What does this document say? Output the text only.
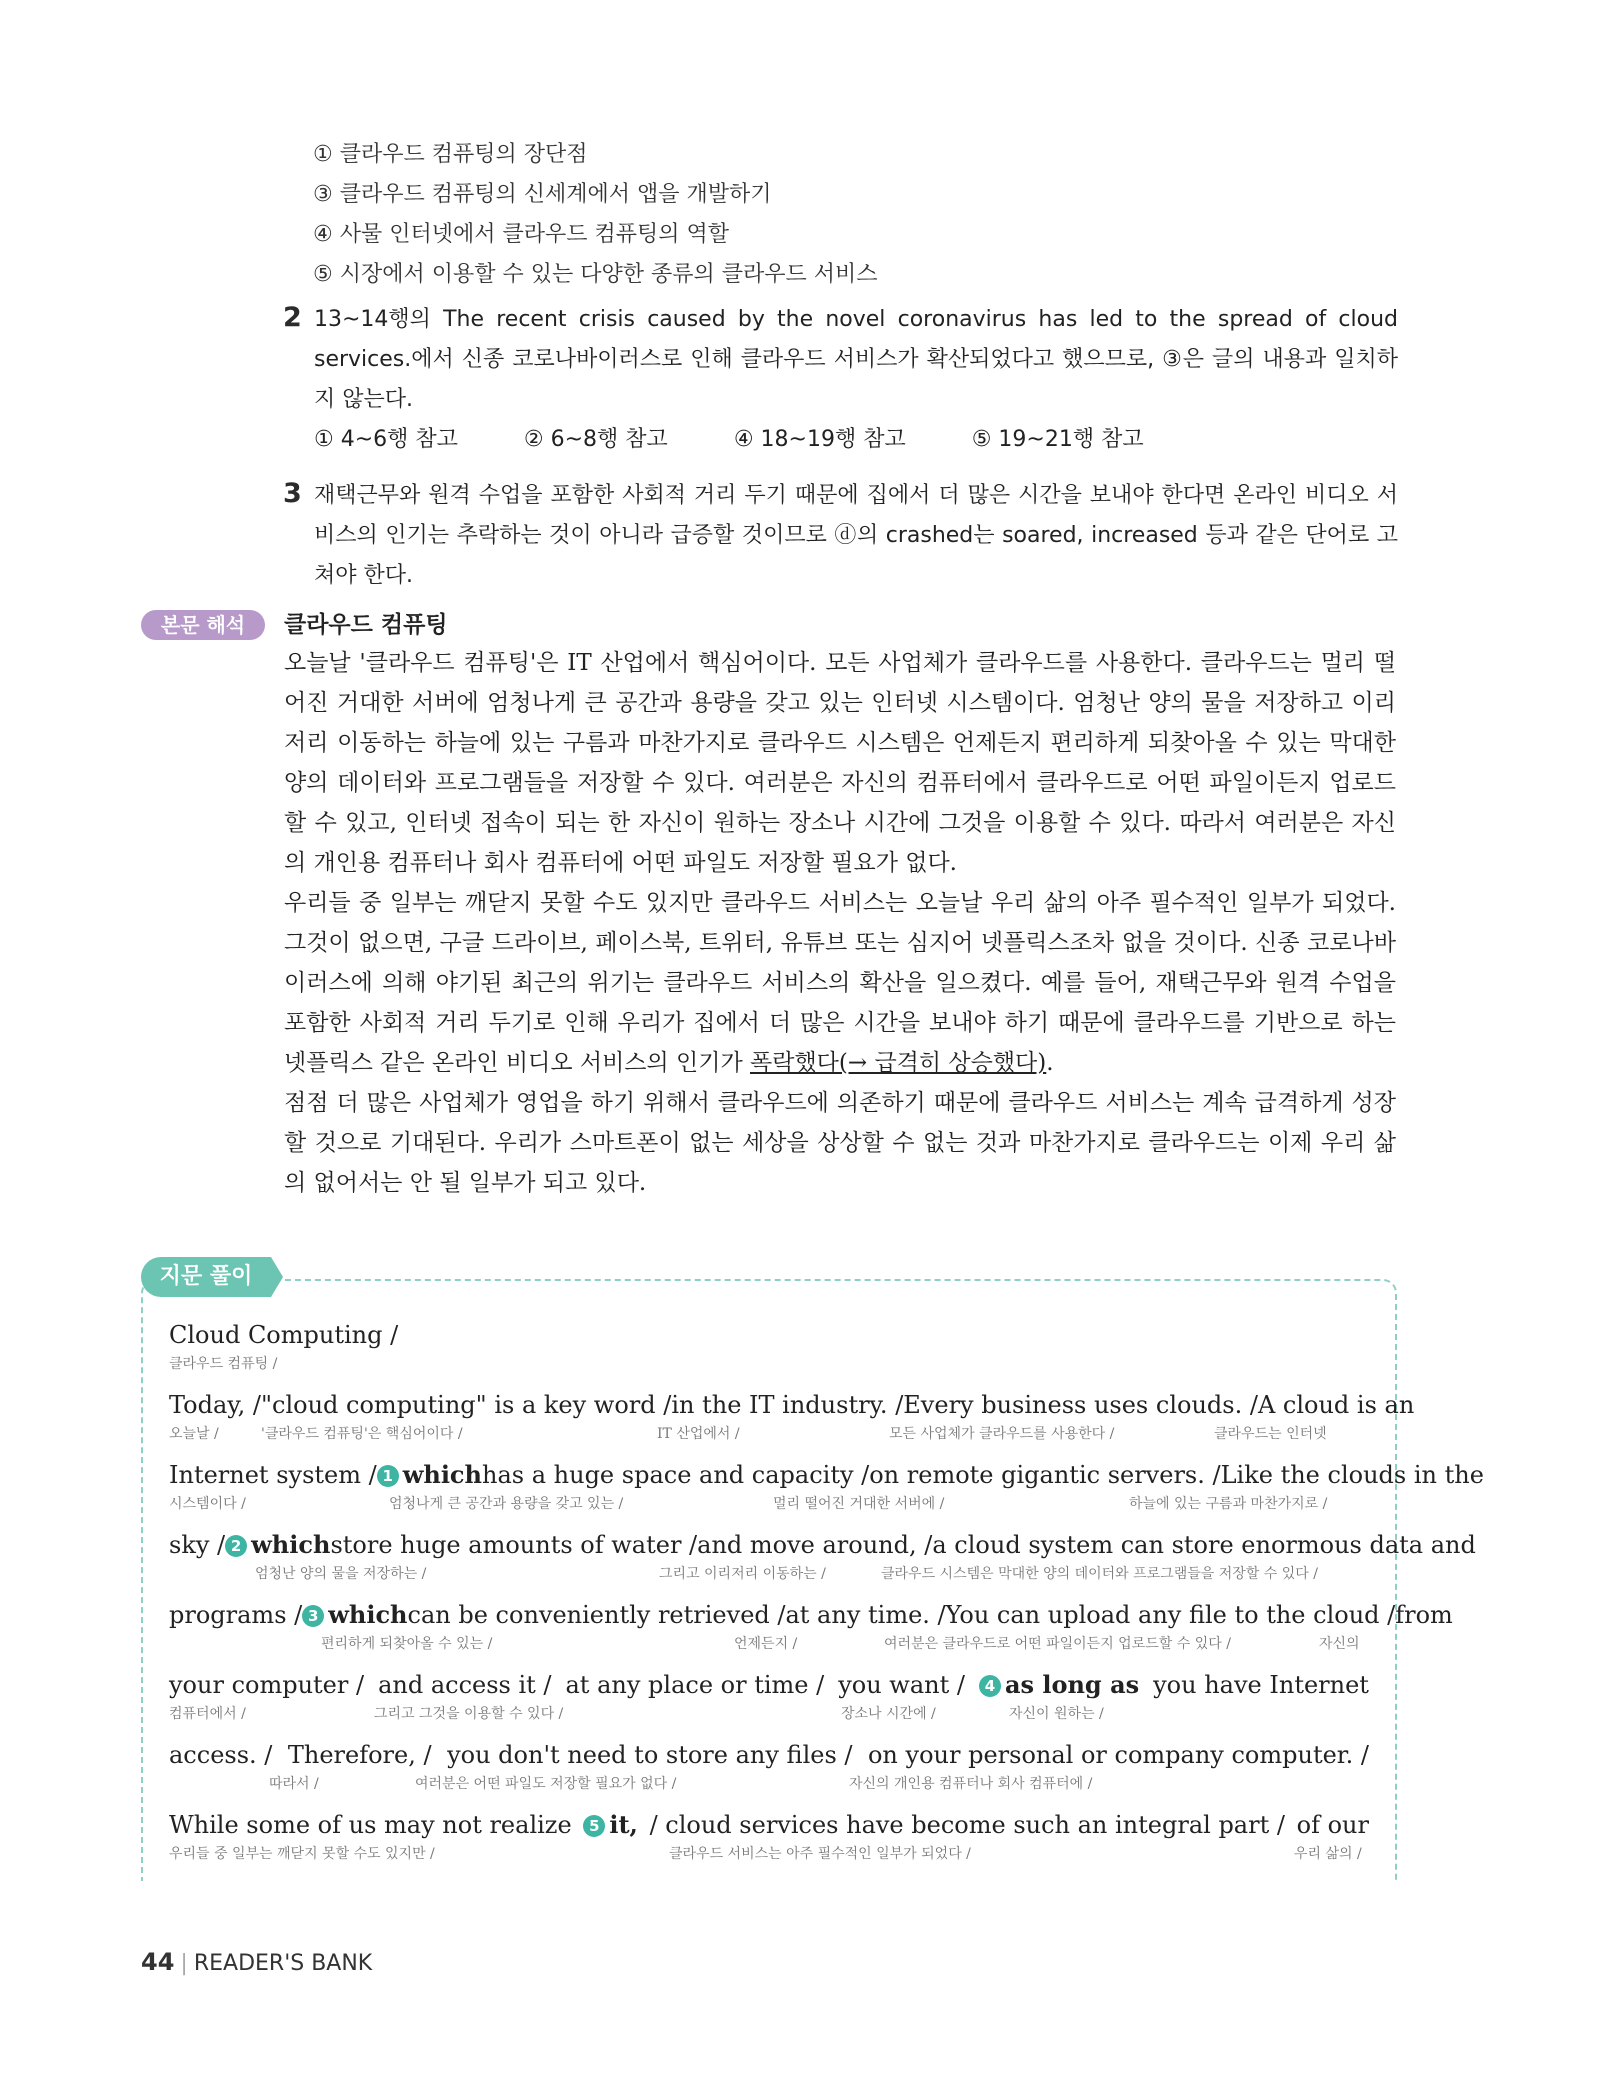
① 클라우드 컴퓨팅의 장단점
③ 클라우드 컴퓨팅의 신세계에서 앱을 개발하기
④ 사물 인터넷에서 클라우드 컴퓨팅의 역할
⑤ 시장에서 이용할 수 있는 다양한 종류의 클라우드 서비스
2 13~14행의 The recent crisis caused by the novel coronavirus has led to the spread of cloud services.에서 신종 코로나바이러스로 인해 클라우드 서비스가 확산되었다고 했으므로, ③은 글의 내용과 일치하지 않는다.
① 4~6행 참고	② 6~8행 참고	④ 18~19행 참고	⑤ 19~21행 참고
3 재택근무와 원격 수업을 포함한 사회적 거리 두기 때문에 집에서 더 많은 시간을 보내야 한다면 온라인 비디오 서비스의 인기는 추락하는 것이 아니라 급증할 것이므로 ⓓ의 crashed는 soared, increased 등과 같은 단어로 고쳐야 한다.
본문 해석	클라우드 컴퓨팅

오늘날 '클라우드 컴퓨팅'은 IT 산업에서 핵심어이다. 모든 사업체가 클라우드를 사용한다. 클라우드는 멀리 떨어진 거대한 서버에 엄청나게 큰 공간과 용량을 갖고 있는 인터넷 시스템이다. 엄청난 양의 물을 저장하고 이리저리 이동하는 하늘에 있는 구름과 마찬가지로 클라우드 시스템은 언제든지 편리하게 되찾아올 수 있는 막대한 양의 데이터와 프로그램들을 저장할 수 있다. 여러분은 자신의 컴퓨터에서 클라우드로 어떤 파일이든지 업로드할 수 있고, 인터넷 접속이 되는 한 자신이 원하는 장소나 시간에 그것을 이용할 수 있다. 따라서 여러분은 자신의 개인용 컴퓨터나 회사 컴퓨터에 어떤 파일도 저장할 필요가 없다.

우리들 중 일부는 깨닫지 못할 수도 있지만 클라우드 서비스는 오늘날 우리 삶의 아주 필수적인 일부가 되었다. 그것이 없으면, 구글 드라이브, 페이스북, 트위터, 유튜브 또는 심지어 넷플릭스조차 없을 것이다. 신종 코로나바이러스에 의해 야기된 최근의 위기는 클라우드 서비스의 확산을 일으켰다. 예를 들어, 재택근무와 원격 수업을 포함한 사회적 거리 두기로 인해 우리가 집에서 더 많은 시간을 보내야 하기 때문에 클라우드를 기반으로 하는 넷플릭스 같은 온라인 비디오 서비스의 인기가 폭락했다(→ 급격히 상승했다).

점점 더 많은 사업체가 영업을 하기 위해서 클라우드에 의존하기 때문에 클라우드 서비스는 계속 급격하게 성장할 것으로 기대된다. 우리가 스마트폰이 없는 세상을 상상할 수 없는 것과 마찬가지로 클라우드는 이제 우리 삶의 없어서는 안 될 일부가 되고 있다.

지문 풀이
Cloud Computing /
클라우드 컴퓨팅 /
Today, / "cloud computing" is a key word / in the IT industry. / Every business uses clouds. / A cloud is an
오늘날 /	'클라우드 컴퓨팅'은 핵심어이다 /	IT 산업에서 /	모든 사업체가 클라우드를 사용한다 /	클라우드는 인터넷
Internet system / 1 which has a huge space and capacity / on remote gigantic servers. / Like the clouds in the
시스템이다 /	엄청나게 큰 공간과 용량을 갖고 있는 /	멀리 떨어진 거대한 서버에 /	하늘에 있는 구름과 마찬가지로 /
sky / 2 which store huge amounts of water / and move around, / a cloud system can store enormous data and
엄청난 양의 물을 저장하는 /	그리고 이리저리 이동하는 /	클라우드 시스템은 막대한 양의 데이터와 프로그램들을 저장할 수 있다 /
programs / 3 which can be conveniently retrieved / at any time. / You can upload any file to the cloud / from
편리하게 되찾아올 수 있는 /	언제든지 /	여러분은 클라우드로 어떤 파일이든지 업로드할 수 있다 /	자신의
your computer / and access it / at any place or time / you want /	4 as long as you have Internet
컴퓨터에서 /	그리고 그것을 이용할 수 있다 /	장소나 시간에 /	자신이 원하는 /
access. / Therefore, / you don't need to store any files / on your personal or company computer. /
따라서 /	여러분은 어떤 파일도 저장할 필요가 없다 /	자신의 개인용 컴퓨터나 회사 컴퓨터에 /
While some of us may not realize	5 it, / cloud services have become such an integral part / of our
우리들 중 일부는 깨닫지 못할 수도 있지만 /	클라우드 서비스는 아주 필수적인 일부가 되었다 /	우리 삶의 /
44 | READER'S BANK
